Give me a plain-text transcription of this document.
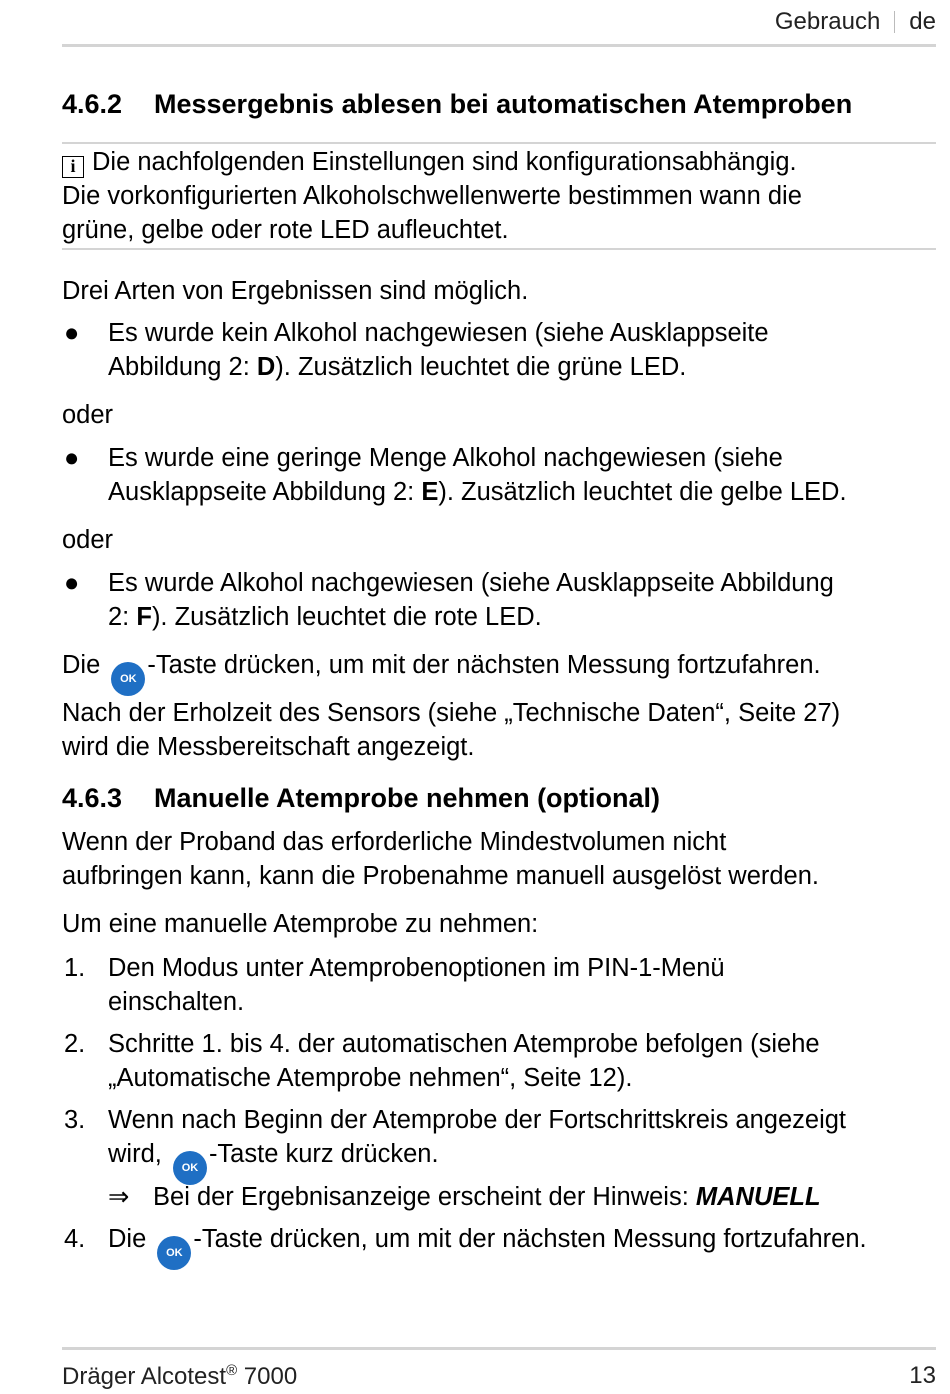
Gebrauch de
4.6.2 Messergebnis ablesen bei automatischen Atemproben
i Die nachfolgenden Einstellungen sind konfigurationsabhängig.
Die vorkonfigurierten Alkoholschwellenwerte bestimmen wann die
grüne, gelbe oder rote LED aufleuchtet.
Drei Arten von Ergebnissen sind möglich.
● Es wurde kein Alkohol nachgewiesen (siehe Ausklappseite
Abbildung 2: D). Zusätzlich leuchtet die grüne LED.
oder
● Es wurde eine geringe Menge Alkohol nachgewiesen (siehe
Ausklappseite Abbildung 2: E). Zusätzlich leuchtet die gelbe LED.
oder
● Es wurde Alkohol nachgewiesen (siehe Ausklappseite Abbildung
2: F). Zusätzlich leuchtet die rote LED.
Die OK -Taste drücken, um mit der nächsten Messung fortzufahren.
Nach der Erholzeit des Sensors (siehe „Technische Daten“, Seite 27)
wird die Messbereitschaft angezeigt.
4.6.3 Manuelle Atemprobe nehmen (optional)
Wenn der Proband das erforderliche Mindestvolumen nicht
aufbringen kann, kann die Probenahme manuell ausgelöst werden.
Um eine manuelle Atemprobe zu nehmen:
1. Den Modus unter Atemprobenoptionen im PIN-1-Menü
einschalten.
2. Schritte 1. bis 4. der automatischen Atemprobe befolgen (siehe
„Automatische Atemprobe nehmen“, Seite 12).
3. Wenn nach Beginn der Atemprobe der Fortschrittskreis angezeigt
wird, OK -Taste kurz drücken.
⇒ Bei der Ergebnisanzeige erscheint der Hinweis: MANUELL
4. Die OK -Taste drücken, um mit der nächsten Messung fortzufahren.
Dräger Alcotest® 7000	13
